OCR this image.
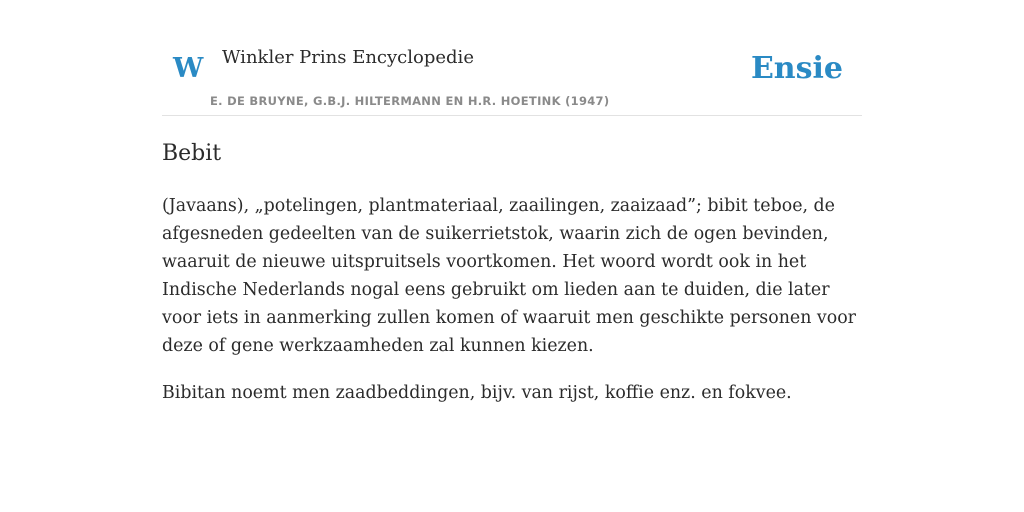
W Winkler Prins Encyclopedie
E. DE BRUYNE, G.B.J. HILTERMANN EN H.R. HOETINK (1947)
Ensie
Bebit

(Javaans), „potelingen, plantmateriaal, zaailingen, zaaizaad”; bibit teboe, de afgesneden gedeelten van de suikerrietstok, waarin zich de ogen bevinden, waaruit de nieuwe uitspruitsels voortkomen. Het woord wordt ook in het Indische Nederlands nogal eens gebruikt om lieden aan te duiden, die later voor iets in aanmerking zullen komen of waaruit men geschikte personen voor deze of gene werkzaamheden zal kunnen kiezen.

Bibitan noemt men zaadbeddingen, bijv. van rijst, koffie enz. en fokvee.
